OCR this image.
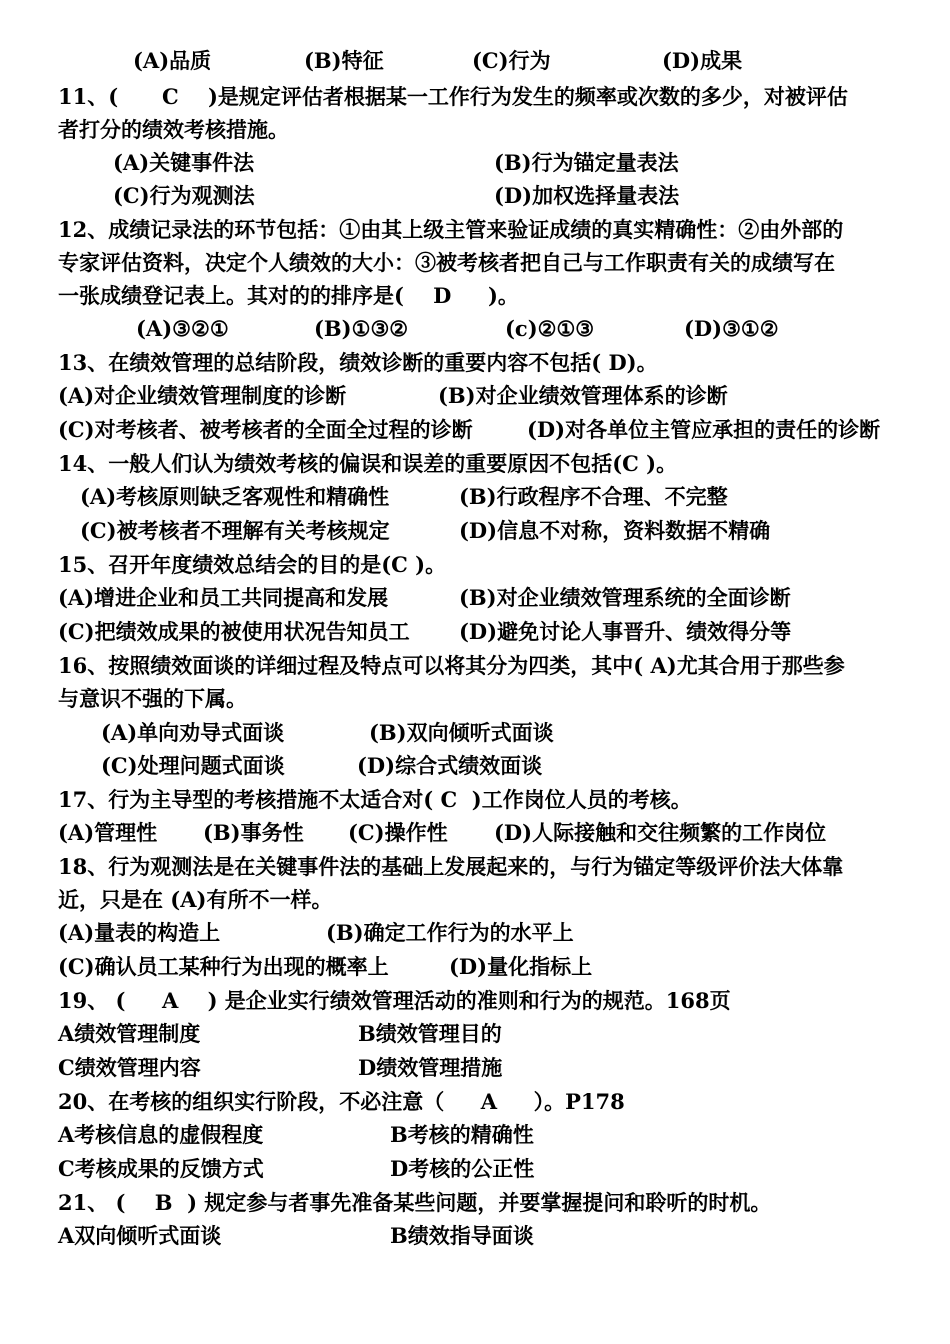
(A)品质	(B)特征	(C)行为	(D)成果
11、(      C    )是规定评估者根据某一工作行为发生的频率或次数的多少，对被评估
者打分的绩效考核措施。
(A)关键事件法	(B)行为锚定量表法
(C)行为观测法	(D)加权选择量表法
12、成绩记录法的环节包括：①由其上级主管来验证成绩的真实精确性：②由外部的
专家评估资料，决定个人绩效的大小：③被考核者把自己与工作职责有关的成绩写在
一张成绩登记表上。其对的的排序是(    D     )。
(A)③②①	(B)①③②	(c)②①③	(D)③①②
13、在绩效管理的总结阶段，绩效诊断的重要内容不包括( D)。
(A)对企业绩效管理制度的诊断	(B)对企业绩效管理体系的诊断
(C)对考核者、被考核者的全面全过程的诊断	(D)对各单位主管应承担的责任的诊断
14、一般人们认为绩效考核的偏误和误差的重要原因不包括(C )。
(A)考核原则缺乏客观性和精确性	(B)行政程序不合理、不完整
(C)被考核者不理解有关考核规定	(D)信息不对称，资料数据不精确
15、召开年度绩效总结会的目的是(C )。
(A)增进企业和员工共同提高和发展	(B)对企业绩效管理系统的全面诊断
(C)把绩效成果的被使用状况告知员工 (D)避免讨论人事晋升、绩效得分等
16、按照绩效面谈的详细过程及特点可以将其分为四类，其中( A)尤其合用于那些参
与意识不强的下属。
(A)单向劝导式面谈	(B)双向倾听式面谈
(C)处理问题式面谈	(D)综合式绩效面谈
17、行为主导型的考核措施不太适合对( C  )工作岗位人员的考核。
(A)管理性 (B)事务性 (C)操作性 (D)人际接触和交往频繁的工作岗位
18、行为观测法是在关键事件法的基础上发展起来的，与行为锚定等级评价法大体靠
近，只是在 (A)有所不一样。
(A)量表的构造上	(B)确定工作行为的水平上
(C)确认员工某种行为出现的概率上	(D)量化指标上
19、 (     A    ) 是企业实行绩效管理活动的准则和行为的规范。168页
A绩效管理制度	B绩效管理目的
C绩效管理内容	D绩效管理措施
20、在考核的组织实行阶段，不必注意（     A     ）。P178
A考核信息的虚假程度	B考核的精确性
C考核成果的反馈方式	D考核的公正性
21、 (    B  ) 规定参与者事先准备某些问题，并要掌握提问和聆听的时机。
A双向倾听式面谈	B绩效指导面谈
